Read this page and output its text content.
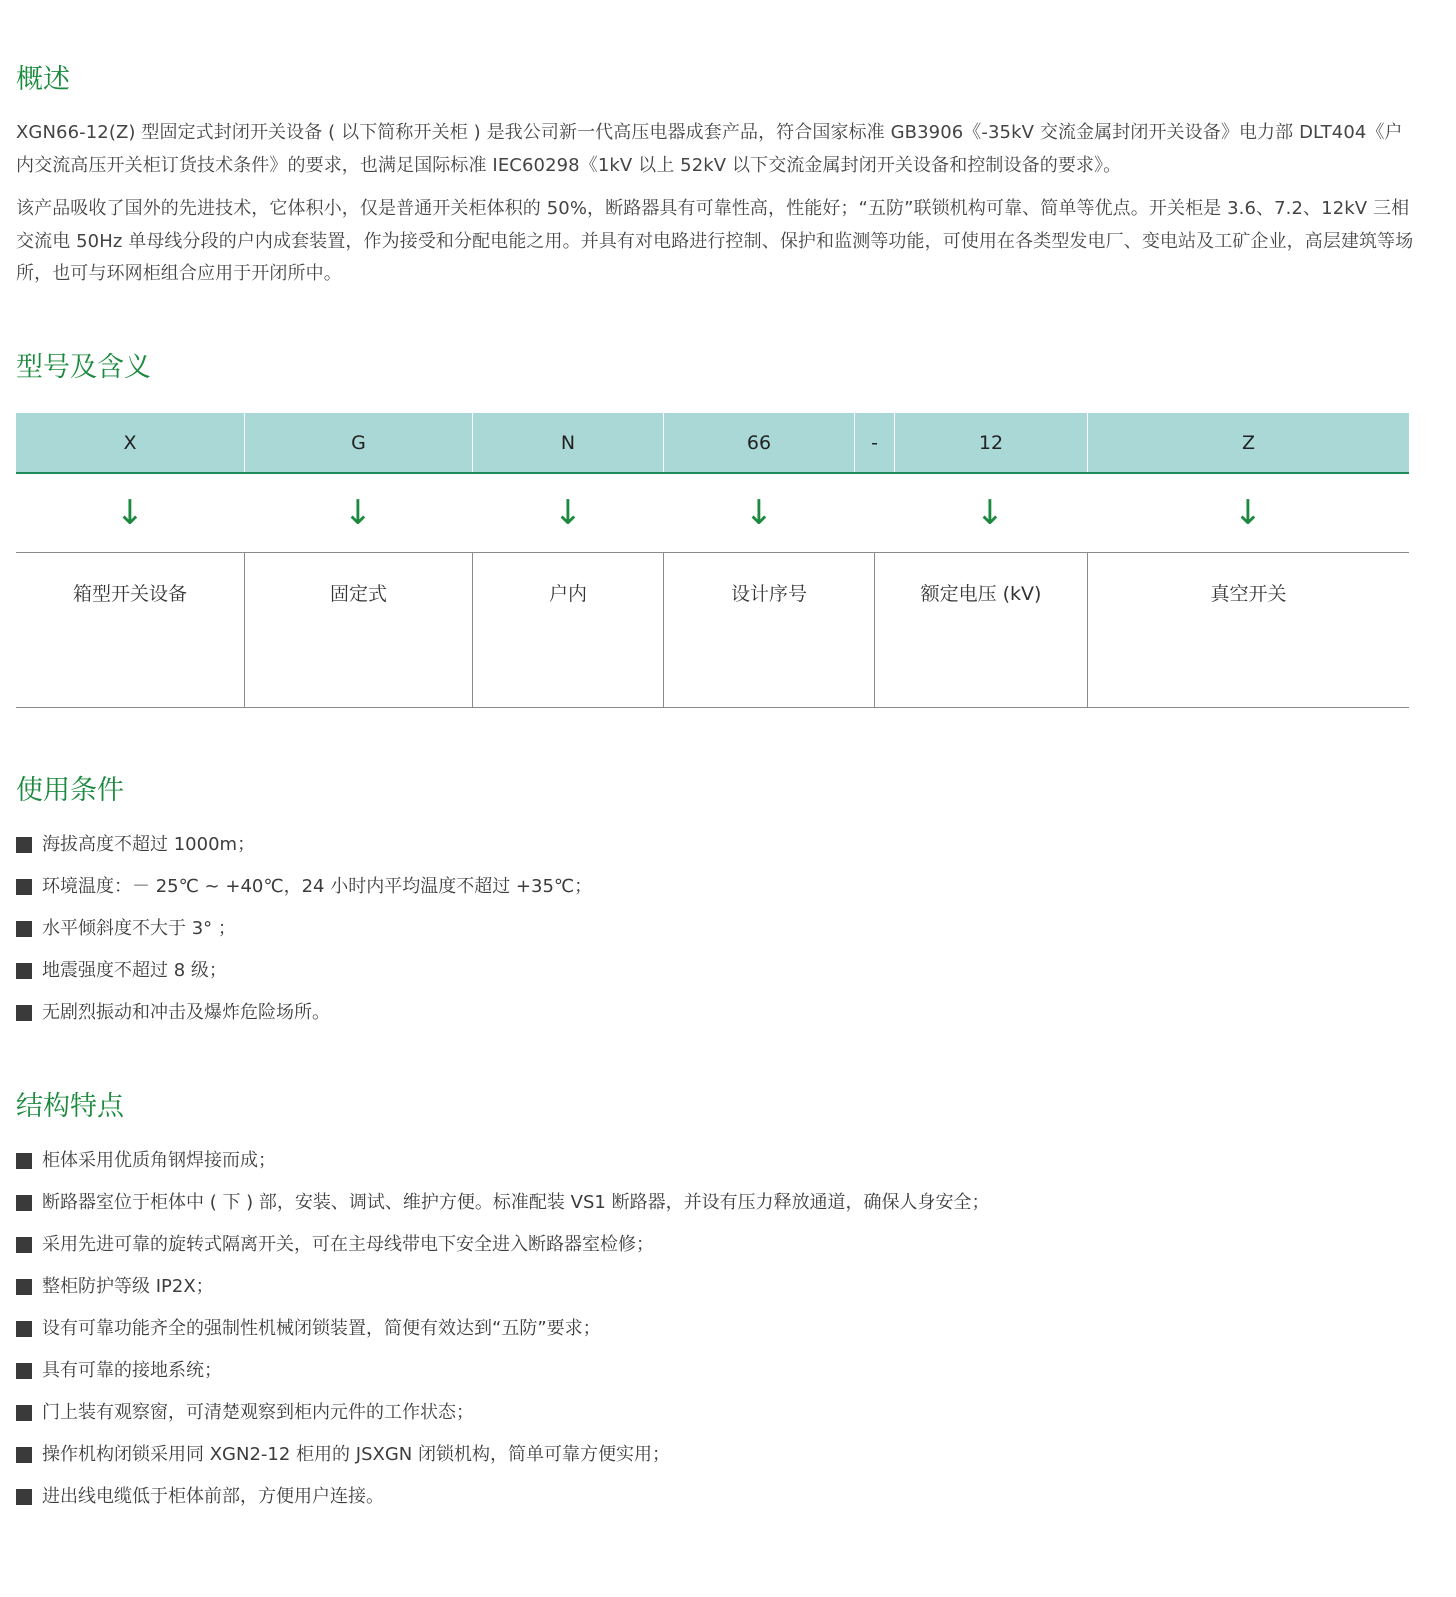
概述

XGN66-12(Z) 型固定式封闭开关设备 ( 以下简称开关柜 ) 是我公司新一代高压电器成套产品，符合国家标准 GB3906《-35kV 交流金属封闭开关设备》电力部 DLT404《户内交流高压开关柜订货技术条件》的要求，也满足国际标准 IEC60298《1kV 以上 52kV 以下交流金属封闭开关设备和控制设备的要求》。

该产品吸收了国外的先进技术，它体积小，仅是普通开关柜体积的 50%，断路器具有可靠性高，性能好；“五防”联锁机构可靠、简单等优点。开关柜是 3.6、7.2、12kV 三相交流电 50Hz 单母线分段的户内成套装置，作为接受和分配电能之用。并具有对电路进行控制、保护和监测等功能，可使用在各类型发电厂、变电站及工矿企业，高层建筑等场所，也可与环网柜组合应用于开闭所中。

型号及含义
X	G	N	66	-	12	Z
↓	↓	↓	↓	↓	↓
箱型开关设备	固定式	户内	设计序号	额定电压 (kV)	真空开关
使用条件
海拔高度不超过 1000m；
环境温度：－ 25℃ ~ +40℃，24 小时内平均温度不超过 +35℃；
水平倾斜度不大于 3° ；
地震强度不超过 8 级；
无剧烈振动和冲击及爆炸危险场所。
结构特点
柜体采用优质角钢焊接而成；
断路器室位于柜体中 ( 下 ) 部，安装、调试、维护方便。标准配装 VS1 断路器，并设有压力释放通道，确保人身安全；
采用先进可靠的旋转式隔离开关，可在主母线带电下安全进入断路器室检修；
整柜防护等级 IP2X；
设有可靠功能齐全的强制性机械闭锁装置，简便有效达到“五防”要求；
具有可靠的接地系统；
门上装有观察窗，可清楚观察到柜内元件的工作状态；
操作机构闭锁采用同 XGN2-12 柜用的 JSXGN 闭锁机构，简单可靠方便实用；
进出线电缆低于柜体前部，方便用户连接。
